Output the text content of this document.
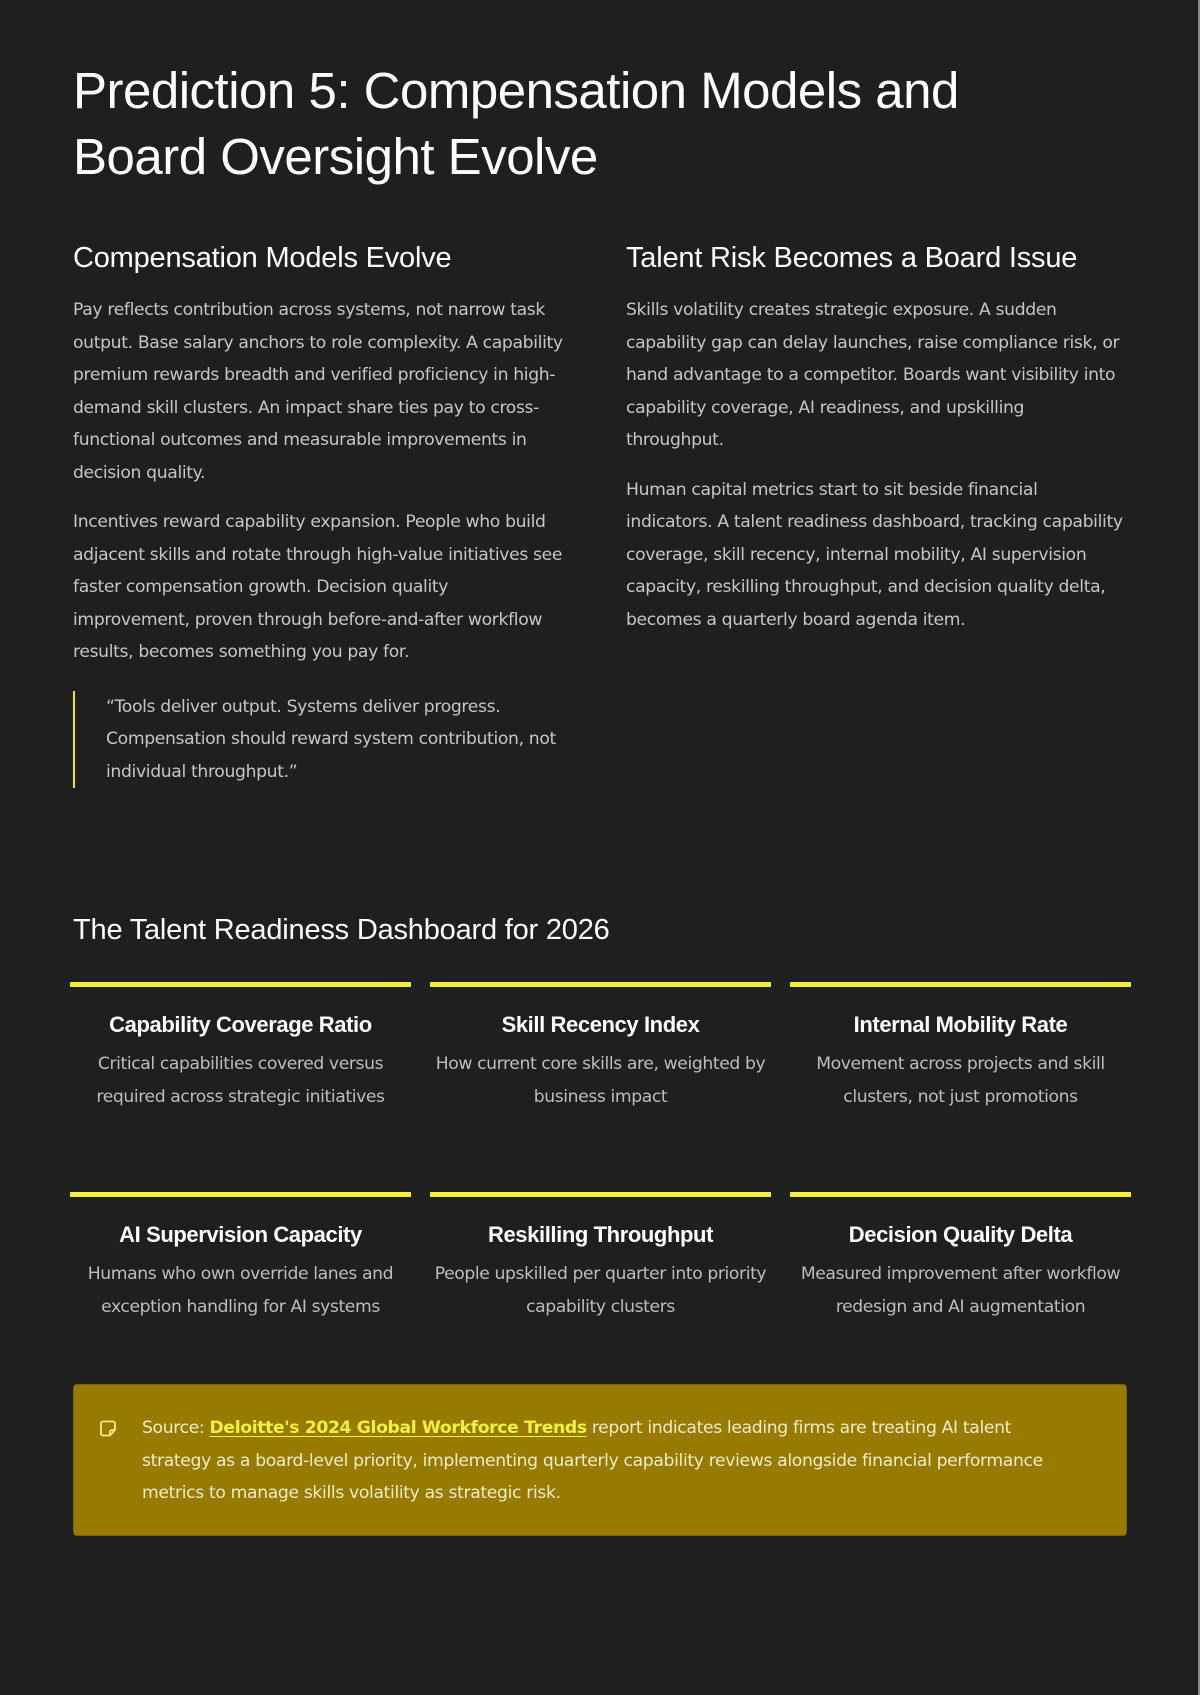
Prediction 5: Compensation Models and Board Oversight Evolve
Compensation Models Evolve

Pay reflects contribution across systems, not narrow task output. Base salary anchors to role complexity. A capability premium rewards breadth and verified proficiency in high-demand skill clusters. An impact share ties pay to cross-functional outcomes and measurable improvements in decision quality.

Incentives reward capability expansion. People who build adjacent skills and rotate through high-value initiatives see faster compensation growth. Decision quality improvement, proven through before-and-after workflow results, becomes something you pay for.

“Tools deliver output. Systems deliver progress. Compensation should reward system contribution, not individual throughput.”
Talent Risk Becomes a Board Issue

Skills volatility creates strategic exposure. A sudden capability gap can delay launches, raise compliance risk, or hand advantage to a competitor. Boards want visibility into capability coverage, AI readiness, and upskilling throughput.

Human capital metrics start to sit beside financial indicators. A talent readiness dashboard, tracking capability coverage, skill recency, internal mobility, AI supervision capacity, reskilling throughput, and decision quality delta, becomes a quarterly board agenda item.

The Talent Readiness Dashboard for 2026
Capability Coverage Ratio

Critical capabilities covered versus required across strategic initiatives

Skill Recency Index

How current core skills are, weighted by business impact

Internal Mobility Rate

Movement across projects and skill clusters, not just promotions

AI Supervision Capacity

Humans who own override lanes and exception handling for AI systems

Reskilling Throughput

People upskilled per quarter into priority capability clusters

Decision Quality Delta

Measured improvement after workflow redesign and AI augmentation

Source: Deloitte's 2024 Global Workforce Trends report indicates leading firms are treating AI talent strategy as a board-level priority, implementing quarterly capability reviews alongside financial performance metrics to manage skills volatility as strategic risk.
